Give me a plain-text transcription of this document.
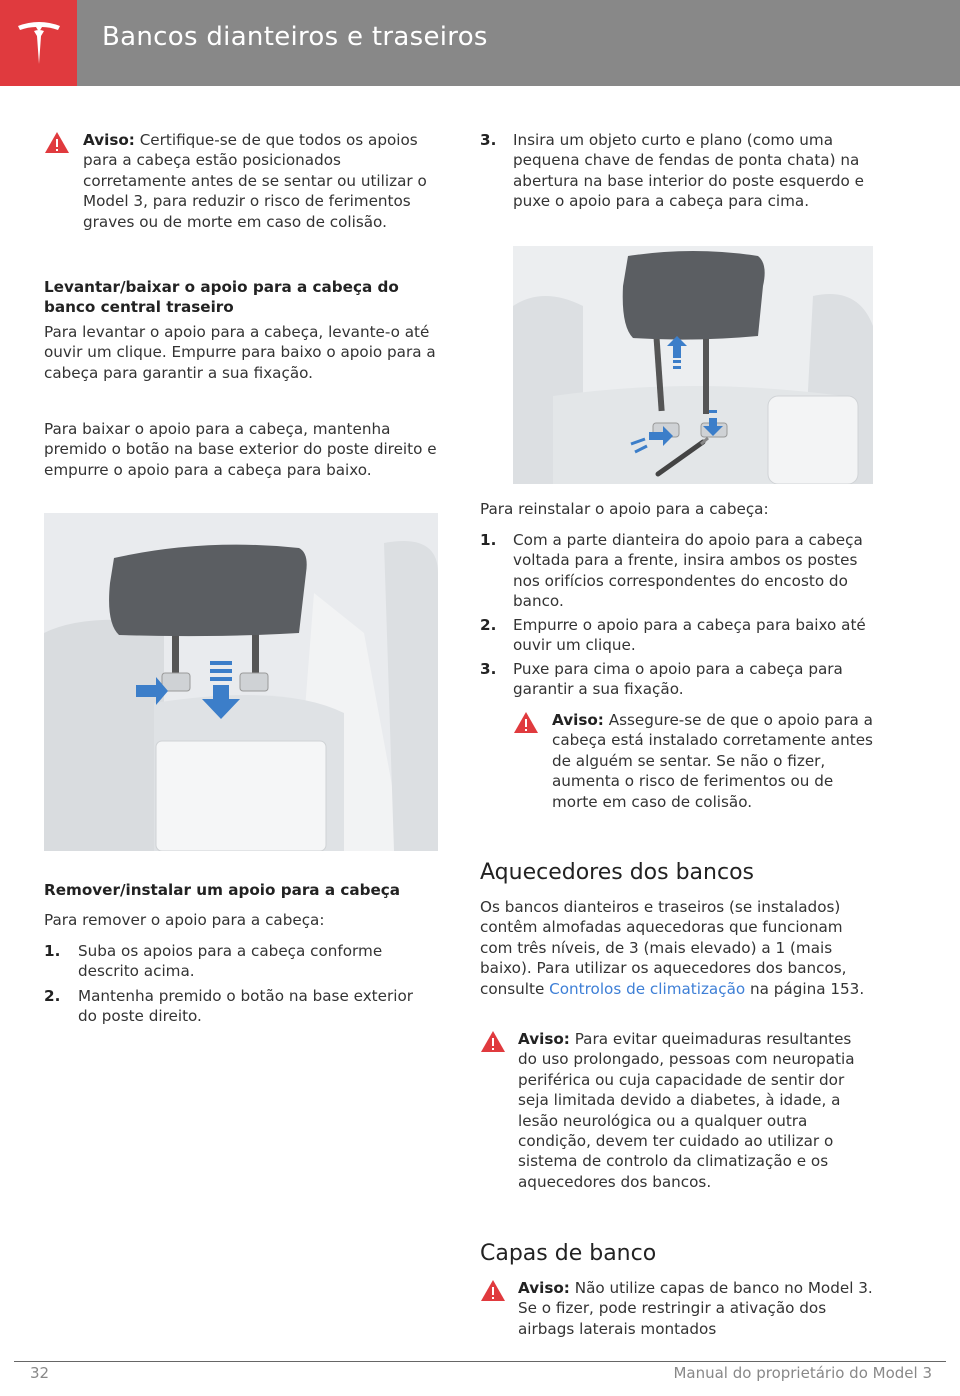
Bancos dianteiros e traseiros
Aviso: Certifique-se de que todos os apoios para a cabeça estão posicionados corretamente antes de se sentar ou utilizar o Model 3, para reduzir o risco de ferimentos graves ou de morte em caso de colisão.
Levantar/baixar o apoio para a cabeça do banco central traseiro
Para levantar o apoio para a cabeça, levante-o até ouvir um clique. Empurre para baixo o apoio para a cabeça para garantir a sua fixação.
Para baixar o apoio para a cabeça, mantenha premido o botão na base exterior do poste direito e empurre o apoio para a cabeça para baixo.
Remover/instalar um apoio para a cabeça
Para remover o apoio para a cabeça:
1. Suba os apoios para a cabeça conforme descrito acima.
2. Mantenha premido o botão na base exterior do poste direito.
3. Insira um objeto curto e plano (como uma pequena chave de fendas de ponta chata) na abertura na base interior do poste esquerdo e puxe o apoio para a cabeça para cima.
Para reinstalar o apoio para a cabeça:
1. Com a parte dianteira do apoio para a cabeça voltada para a frente, insira ambos os postes nos orifícios correspondentes do encosto do banco.
2. Empurre o apoio para a cabeça para baixo até ouvir um clique.
3. Puxe para cima o apoio para a cabeça para garantir a sua fixação.
Aviso: Assegure-se de que o apoio para a cabeça está instalado corretamente antes de alguém se sentar. Se não o fizer, aumenta o risco de ferimentos ou de morte em caso de colisão.
Aquecedores dos bancos
Os bancos dianteiros e traseiros (se instalados) contêm almofadas aquecedoras que funcionam com três níveis, de 3 (mais elevado) a 1 (mais baixo). Para utilizar os aquecedores dos bancos, consulte Controlos de climatização na página 153.
Aviso: Para evitar queimaduras resultantes do uso prolongado, pessoas com neuropatia periférica ou cuja capacidade de sentir dor seja limitada devido a diabetes, à idade, a lesão neurológica ou a qualquer outra condição, devem ter cuidado ao utilizar o sistema de controlo da climatização e os aquecedores dos bancos.
Capas de banco
Aviso: Não utilize capas de banco no Model 3. Se o fizer, pode restringir a ativação dos airbags laterais montados
32	Manual do proprietário do Model 3
